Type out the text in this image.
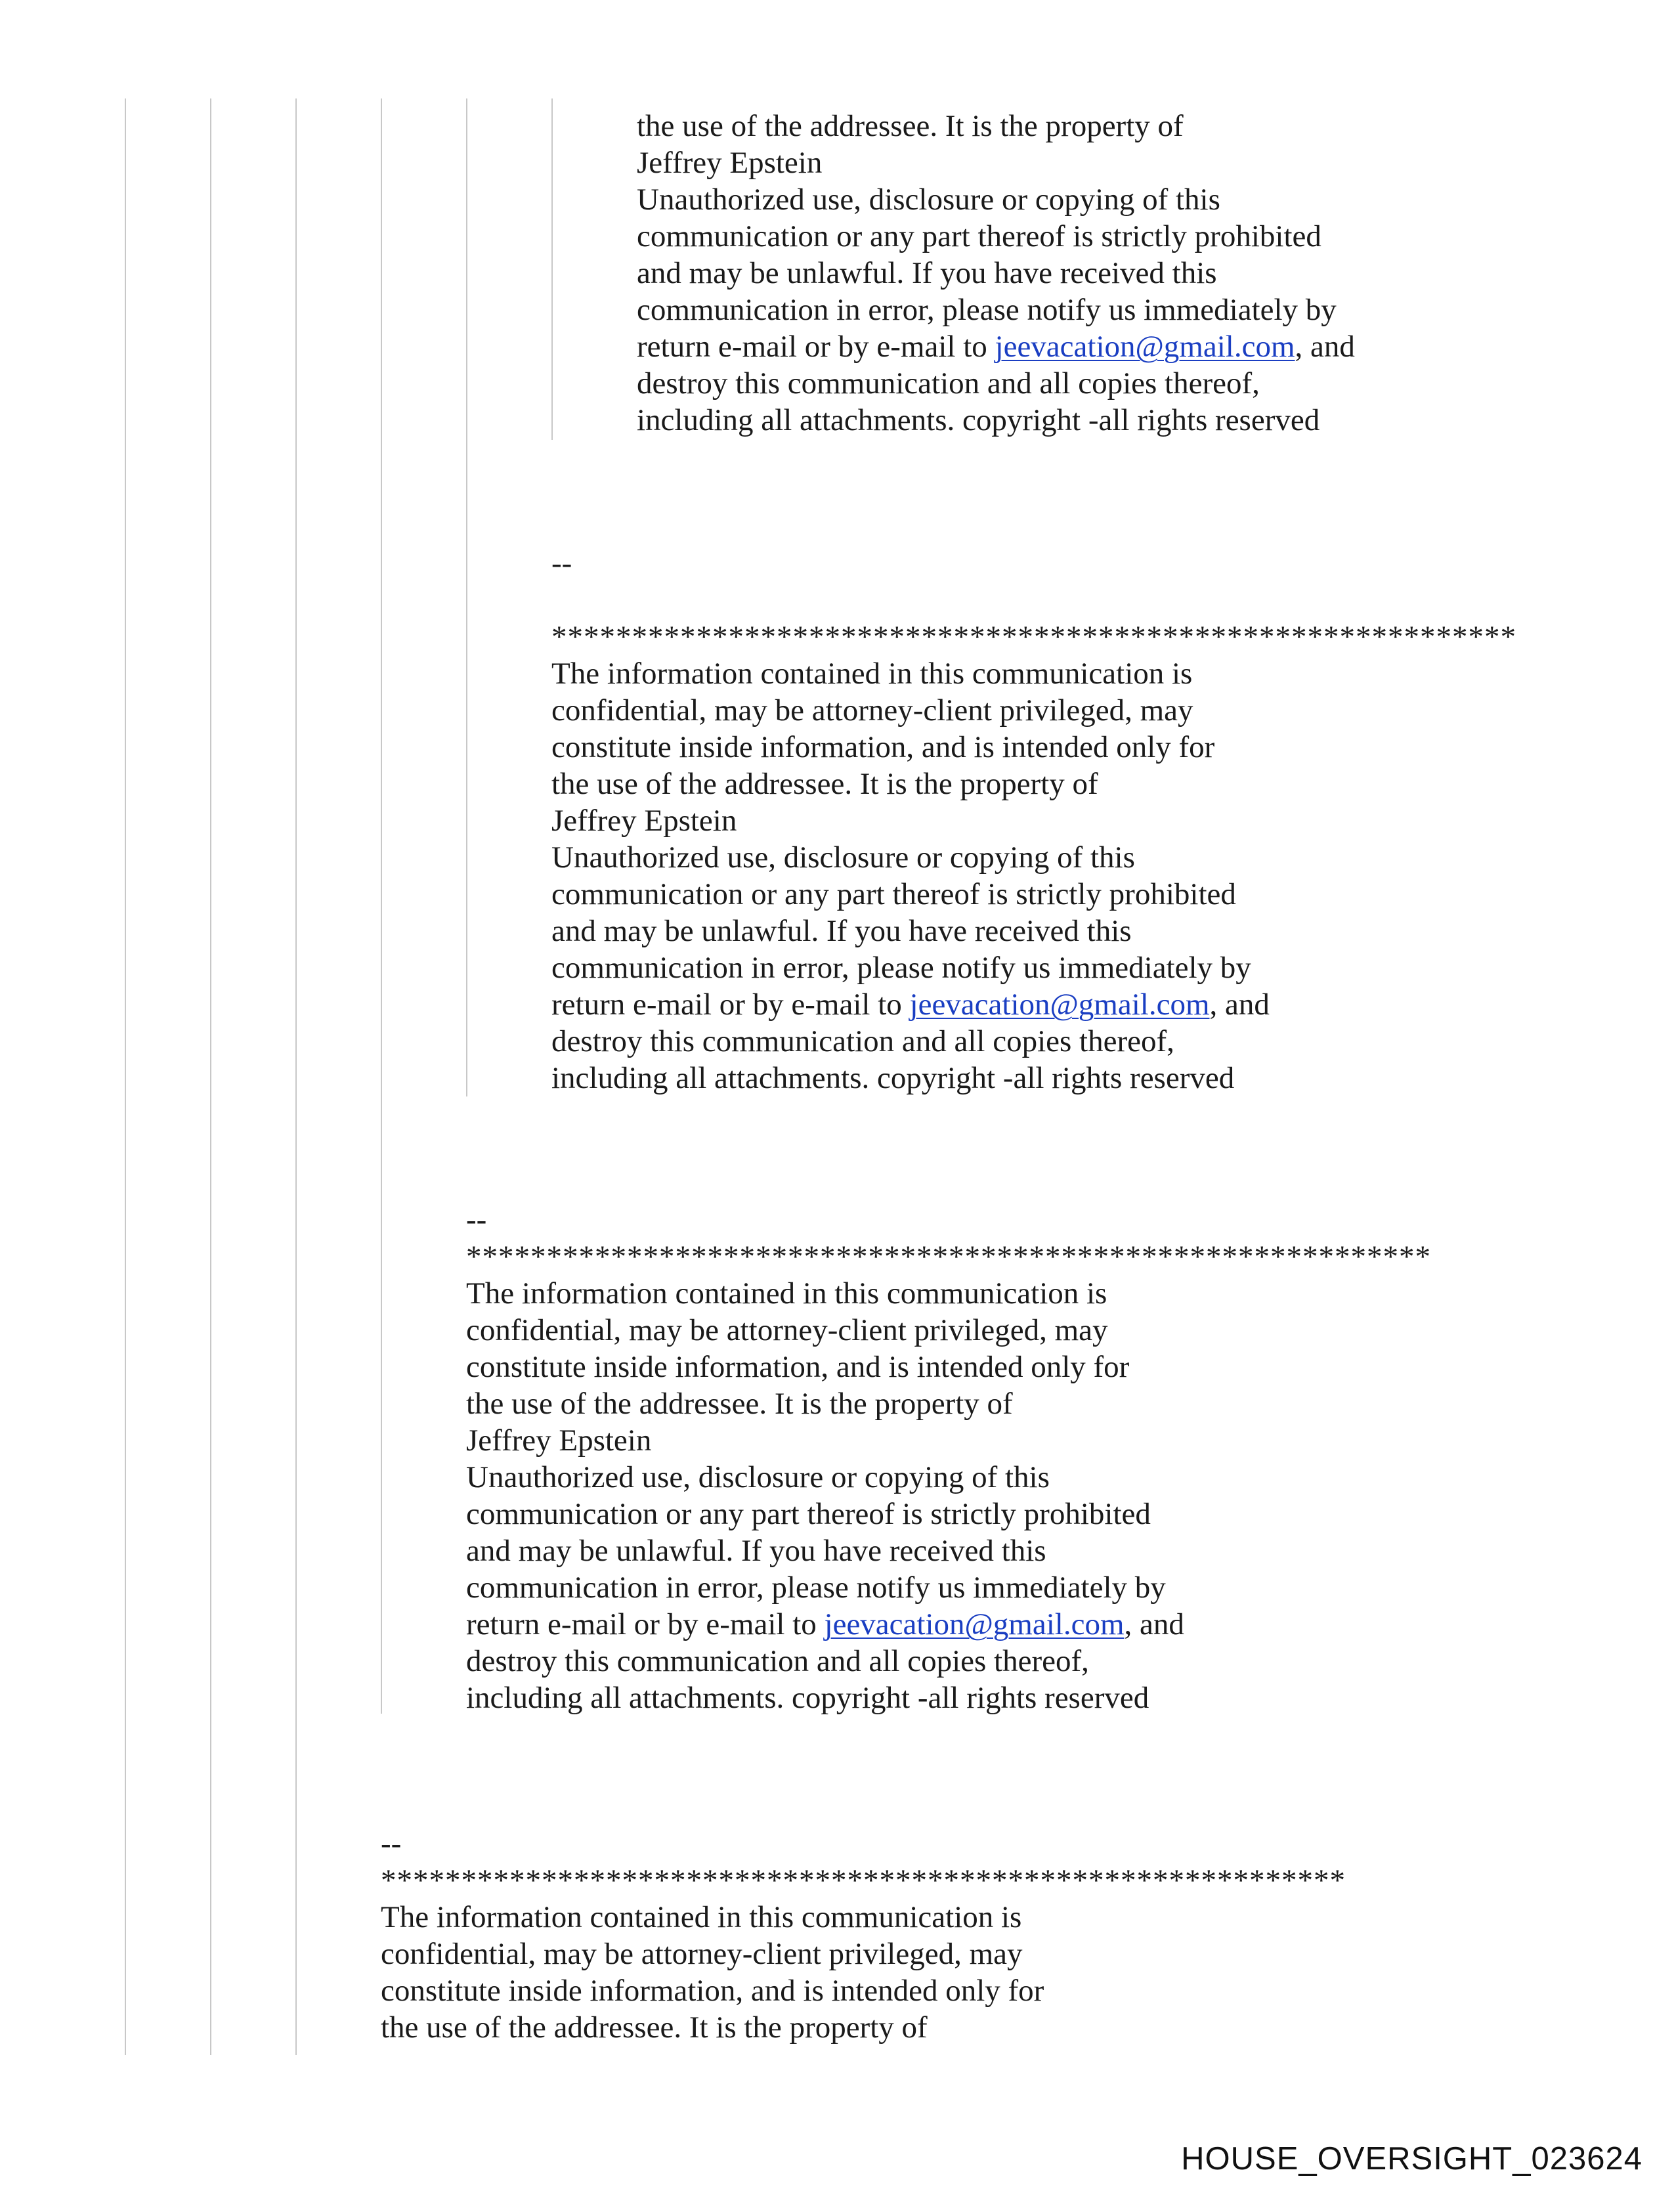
the use of the addressee. It is the property of
Jeffrey Epstein
Unauthorized use, disclosure or copying of this
communication or any part thereof is strictly prohibited
and may be unlawful. If you have received this
communication in error, please notify us immediately by
return e-mail or by e-mail to jeevacation@gmail.com, and
destroy this communication and all copies thereof,
including all attachments. copyright -all rights reserved
--
************************************************************
The information contained in this communication is
confidential, may be attorney-client privileged, may
constitute inside information, and is intended only for
the use of the addressee. It is the property of
Jeffrey Epstein
Unauthorized use, disclosure or copying of this
communication or any part thereof is strictly prohibited
and may be unlawful. If you have received this
communication in error, please notify us immediately by
return e-mail or by e-mail to jeevacation@gmail.com, and
destroy this communication and all copies thereof,
including all attachments. copyright -all rights reserved
--
************************************************************
The information contained in this communication is
confidential, may be attorney-client privileged, may
constitute inside information, and is intended only for
the use of the addressee. It is the property of
Jeffrey Epstein
Unauthorized use, disclosure or copying of this
communication or any part thereof is strictly prohibited
and may be unlawful. If you have received this
communication in error, please notify us immediately by
return e-mail or by e-mail to jeevacation@gmail.com, and
destroy this communication and all copies thereof,
including all attachments. copyright -all rights reserved
--
************************************************************
The information contained in this communication is
confidential, may be attorney-client privileged, may
constitute inside information, and is intended only for
the use of the addressee. It is the property of
HOUSE_OVERSIGHT_023624
